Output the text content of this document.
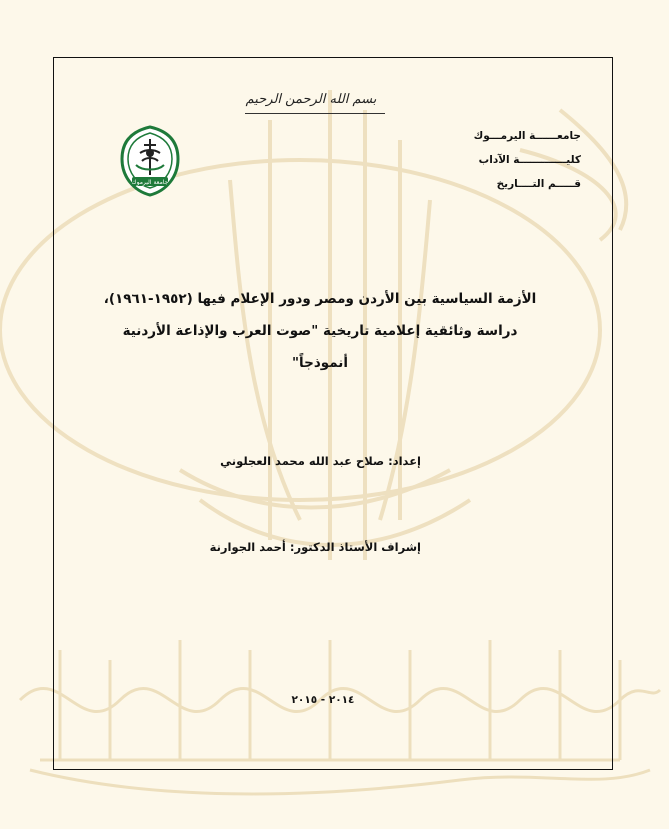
بسم الله الرحمن الرحيم
جامعــــــة اليرمـــوك
كليـــــــــــــة الآداب
قـــــم التــــاريخ
جامعة اليرموك
الأزمة السياسية بين الأردن ومصر ودور الإعلام فيها (١٩٥٢-١٩٦١)،
دراسة وثائقية إعلامية تاريخية "صوت العرب والإذاعة الأردنية
أنموذجاً"
إعداد: صلاح عبد الله محمد العجلوني
إشراف الأستاذ الدكتور: أحمد الجوارنة
٢٠١٤ - ٢٠١٥
